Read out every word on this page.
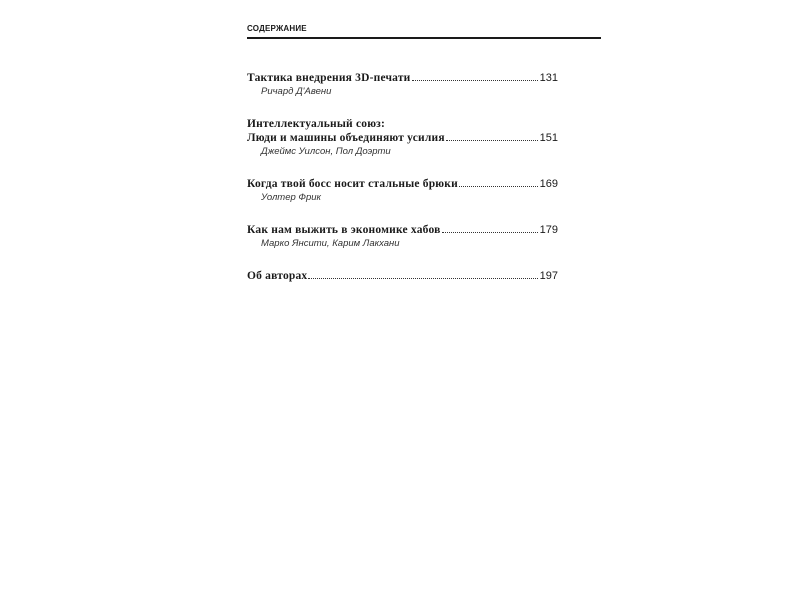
СОДЕРЖАНИЕ
Тактика внедрения 3D-печати	131
Ричард Д'Авени
Интеллектуальный союз:
Люди и машины объединяют усилия	151
Джеймс Уилсон, Пол Доэрти
Когда твой босс носит стальные брюки	169
Уолтер Фрик
Как нам выжить в экономике хабов	179
Марко Янсити, Карим Лакхани
Об авторах	197
